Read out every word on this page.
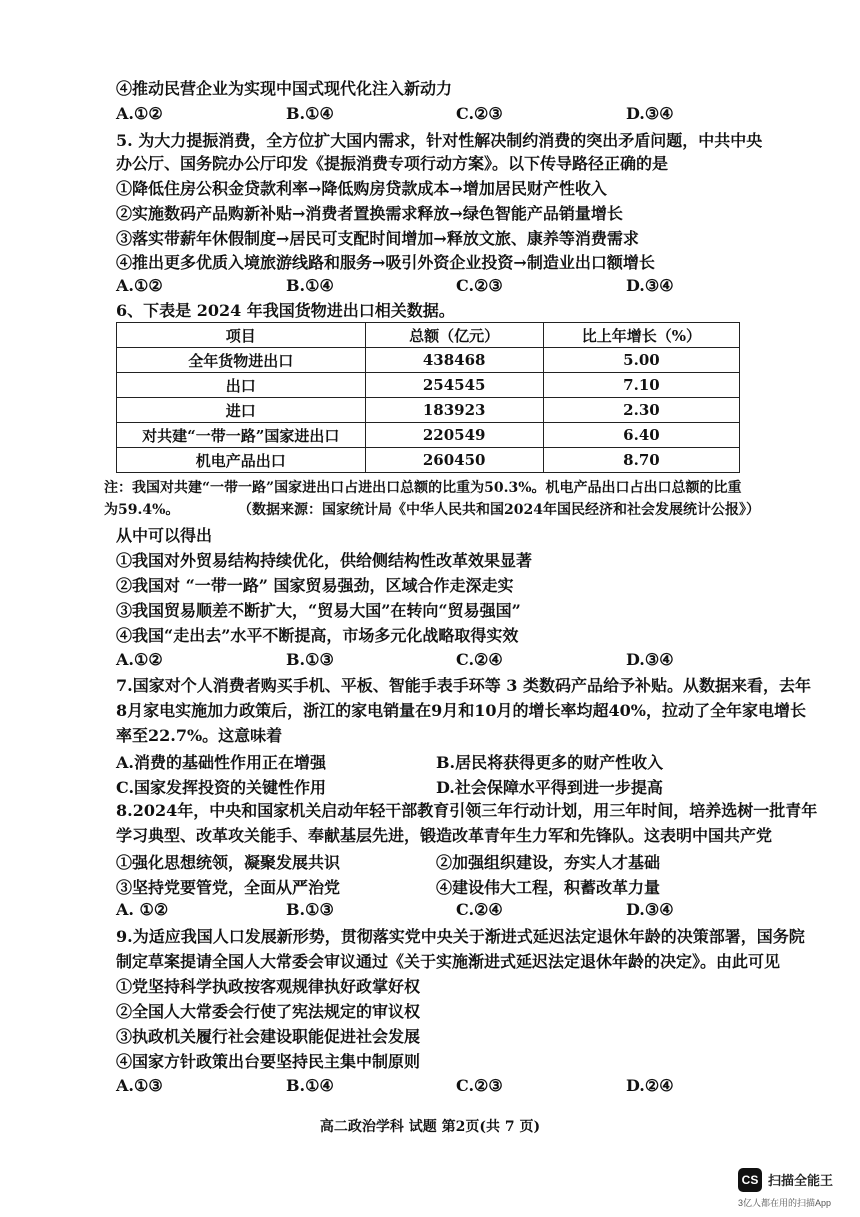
④推动民营企业为实现中国式现代化注入新动力
A.①②	B.①④	C.②③	D.③④
5. 为大力提振消费，全方位扩大国内需求，针对性解决制约消费的突出矛盾问题，中共中央
办公厅、国务院办公厅印发《提振消费专项行动方案》。以下传导路径正确的是
①降低住房公积金贷款利率→降低购房贷款成本→增加居民财产性收入
②实施数码产品购新补贴→消费者置换需求释放→绿色智能产品销量增长
③落实带薪年休假制度→居民可支配时间增加→释放文旅、康养等消费需求
④推出更多优质入境旅游线路和服务→吸引外资企业投资→制造业出口额增长
A.①②	B.①④	C.②③	D.③④
6、下表是 2024 年我国货物进出口相关数据。
项目	总额（亿元）	比上年增长（%）
全年货物进出口	438468	5.00
出口	254545	7.10
进口	183923	2.30
对共建“一带一路”国家进出口	220549	6.40
机电产品出口	260450	8.70
注：我国对共建“一带一路”国家进出口占进出口总额的比重为50.3%。机电产品出口占出口总额的比重
为59.4%。	（数据来源：国家统计局《中华人民共和国2024年国民经济和社会发展统计公报》）
从中可以得出
①我国对外贸易结构持续优化，供给侧结构性改革效果显著
②我国对 “一带一路” 国家贸易强劲，区域合作走深走实
③我国贸易顺差不断扩大，“贸易大国”在转向“贸易强国”
④我国“走出去”水平不断提高，市场多元化战略取得实效
A.①②	B.①③	C.②④	D.③④
7.国家对个人消费者购买手机、平板、智能手表手环等 3 类数码产品给予补贴。从数据来看，去年
8月家电实施加力政策后，浙江的家电销量在9月和10月的增长率均超40%，拉动了全年家电增长
率至22.7%。这意味着
A.消费的基础性作用正在增强	B.居民将获得更多的财产性收入
C.国家发挥投资的关键性作用	D.社会保障水平得到进一步提高
8.2024年，中央和国家机关启动年轻干部教育引领三年行动计划，用三年时间，培养选树一批青年
学习典型、改革攻关能手、奉献基层先进，锻造改革青年生力军和先锋队。这表明中国共产党
①强化思想统领，凝聚发展共识	②加强组织建设，夯实人才基础
③坚持党要管党，全面从严治党	④建设伟大工程，积蓄改革力量
A. ①②	B.①③	C.②④	D.③④
9.为适应我国人口发展新形势，贯彻落实党中央关于渐进式延迟法定退休年龄的决策部署，国务院
制定草案提请全国人大常委会审议通过《关于实施渐进式延迟法定退休年龄的决定》。由此可见
①党坚持科学执政按客观规律执好政掌好权
②全国人大常委会行使了宪法规定的审议权
③执政机关履行社会建设职能促进社会发展
④国家方针政策出台要坚持民主集中制原则
A.①③	B.①④	C.②③	D.②④
高二政治学科 试题 第2页(共 7 页)
CS 扫描全能王
3亿人都在用的扫描App
